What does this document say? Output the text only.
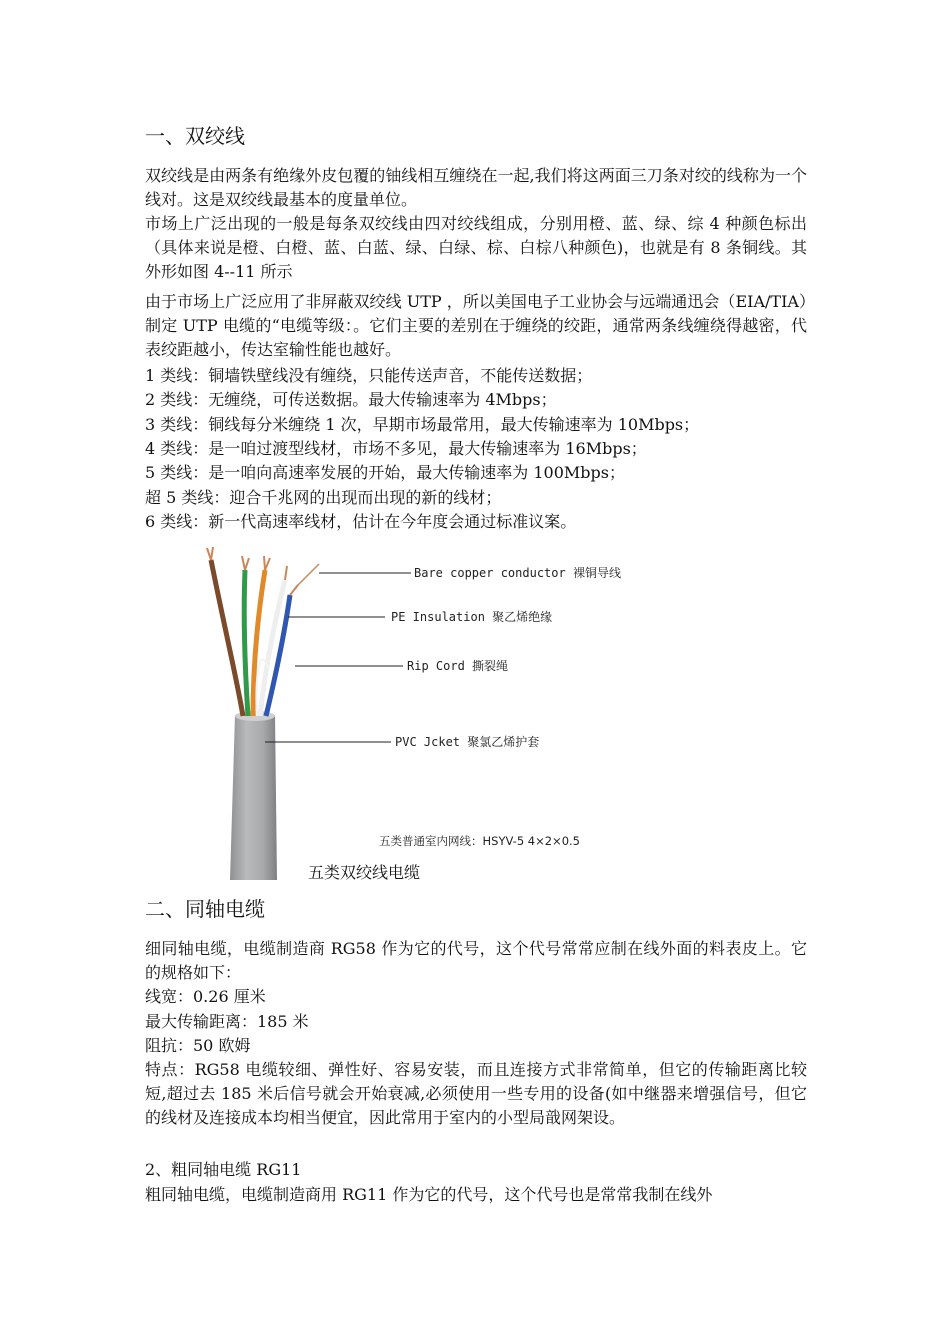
一、双绞线
双绞线是由两条有绝缘外皮包覆的铀线相互缠绕在一起,我们将这两面三刀条对绞的线称为一个线对。这是双绞线最基本的度量单位。
市场上广泛出现的一般是每条双绞线由四对绞线组成，分别用橙、蓝、绿、综 4 种颜色标出（具体来说是橙、白橙、蓝、白蓝、绿、白绿、棕、白棕八种颜色)，也就是有 8 条铜线。其外形如图 4--11 所示
由于市场上广泛应用了非屏蔽双绞线 UTP ，所以美国电子工业协会与远端通迅会（EIA/TIA）制定 UTP 电缆的“电缆等级：。它们主要的差别在于缠绕的绞距，通常两条线缠绕得越密，代表绞距越小，传达室输性能也越好。
1 类线：铜墙铁壁线没有缠绕，只能传送声音，不能传送数据；
2 类线：无缠绕，可传送数据。最大传输速率为 4Mbps；
3 类线：铜线每分米缠绕 1 次，早期市场最常用，最大传输速率为 10Mbps；
4 类线：是一咱过渡型线材，市场不多见，最大传输速率为 16Mbps；
5 类线：是一咱向高速率发展的开始，最大传输速率为 100Mbps；
超 5 类线：迎合千兆网的出现而出现的新的线材；
6 类线：新一代高速率线材，估计在今年度会通过标准议案。
Bare copper conductor 裸铜导线
PE Insulation 聚乙烯绝缘
Rip Cord 撕裂绳
PVC Jcket 聚氯乙烯护套
五类普通室内网线：HSYV-5 4×2×0.5
五类双绞线电缆
二、同轴电缆
细同轴电缆，电缆制造商 RG58 作为它的代号，这个代号常常应制在线外面的料表皮上。它的规格如下：
线宽：0.26 厘米
最大传输距离：185 米
阻抗：50 欧姆
特点：RG58 电缆较细、弹性好、容易安装，而且连接方式非常简单，但它的传输距离比较短,超过去 185 米后信号就会开始衰减,必须使用一些专用的设备(如中继器来增强信号，但它的线材及连接成本均相当便宜，因此常用于室内的小型局戠网架设。
2、粗同轴电缆 RG11
粗同轴电缆，电缆制造商用 RG11 作为它的代号，这个代号也是常常我制在线外
